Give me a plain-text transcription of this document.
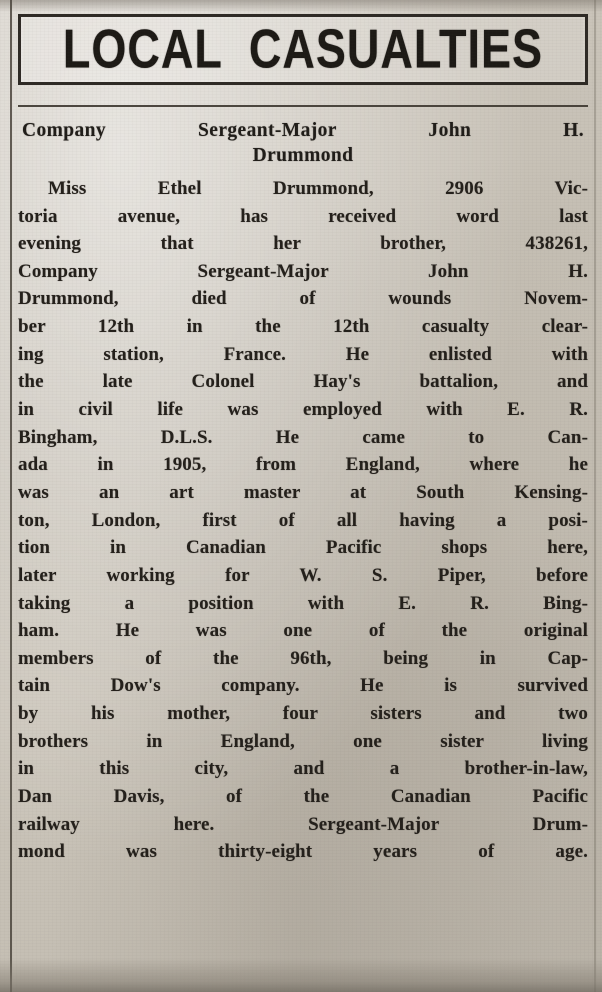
LOCAL CASUALTIES
Company Sergeant-Major John H.
Drummond

Miss Ethel Drummond, 2906 Vic-
toria avenue, has received word last
evening that her brother, 438261,
Company Sergeant-Major John H.
Drummond, died of wounds Novem-
ber 12th in the 12th casualty clear-
ing station, France. He enlisted with
the late Colonel Hay's battalion, and
in civil life was employed with E. R.
Bingham, D.L.S. He came to Can-
ada in 1905, from England, where he
was an art master at South Kensing-
ton, London, first of all having a posi-
tion in Canadian Pacific shops here,
later working for W. S. Piper, before
taking a position with E. R. Bing-
ham. He was one of the original
members of the 96th, being in Cap-
tain Dow's company. He is survived
by his mother, four sisters and two
brothers in England, one sister living
in this city, and a brother-in-law,
Dan Davis, of the Canadian Pacific
railway here. Sergeant-Major Drum-
mond was thirty-eight years of age.
